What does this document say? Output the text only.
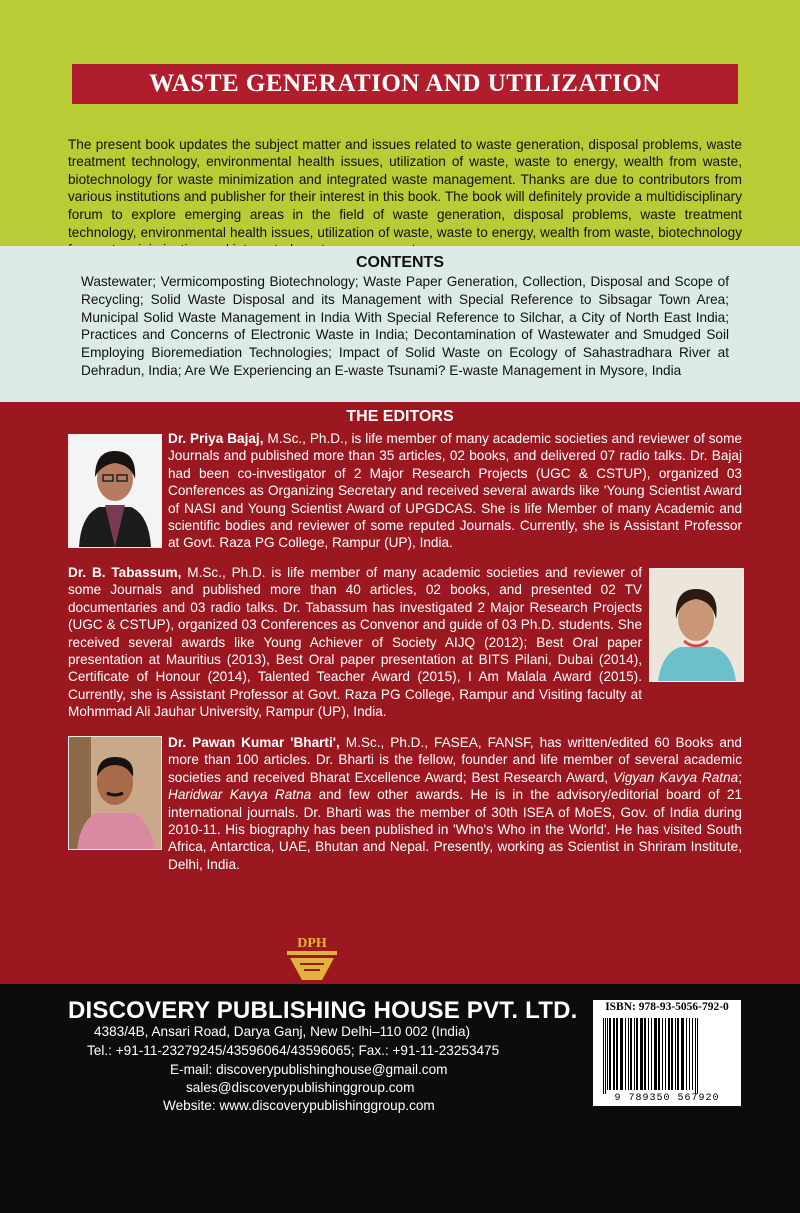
WASTE GENERATION AND UTILIZATION

The present book updates the subject matter and issues related to waste generation, disposal problems, waste treatment technology, environmental health issues, utilization of waste, waste to energy, wealth from waste, biotechnology for waste minimization and integrated waste management. Thanks are due to contributors from various institutions and publisher for their interest in this book. The book will definitely provide a multidisciplinary forum to explore emerging areas in the field of waste generation, disposal problems, waste treatment technology, environmental health issues, utilization of waste, waste to energy, wealth from waste, biotechnology

CONTENTS

Wastewater; Vermicomposting Biotechnology; Waste Paper Generation, Collection, Disposal and Scope of Recycling; Solid Waste Disposal and its Management with Special Reference to Sibsagar Town Area; Municipal Solid Waste Management in India With Special Reference to Silchar, a City of North East India; Practices and Concerns of Electronic Waste in India; Decontamination of Wastewater and Smudged Soil Employing Bioremediation Technologies; Impact of Solid Waste on Ecology of Sahastradhara River at Dehradun, India; Are We Experiencing an E-waste Tsunami? E-waste Management in Mysore, India

THE EDITORS

Dr. Priya Bajaj, M.Sc., Ph.D., is life member of many academic societies and reviewer of some Journals and published more than 35 articles, 02 books, and delivered 07 radio talks. Dr. Bajaj had been co-investigator of 2 Major Research Projects (UGC & CSTUP), organized 03 Conferences as Organizing Secretary and received several awards like 'Young Scientist Award of NASI and Young Scientist Award of UPGDCAS. She is life Member of many Academic and scientific bodies and reviewer of some reputed Journals. Currently, she is Assistant Professor at Govt. Raza PG College, Rampur (UP), India.

Dr. B. Tabassum, M.Sc., Ph.D. is life member of many academic societies and reviewer of some Journals and published more than 40 articles, 02 books, and presented 02 TV documentaries and 03 radio talks. Dr. Tabassum has investigated 2 Major Research Projects (UGC & CSTUP), organized 03 Conferences as Convenor and guide of 03 Ph.D. students. She received several awards like Young Achiever of Society AIJQ (2012); Best Oral paper presentation at Mauritius (2013), Best Oral paper presentation at BITS Pilani, Dubai (2014), Certificate of Honour (2014), Talented Teacher Award (2015), I Am Malala Award (2015). Currently, she is Assistant Professor at Govt. Raza PG College, Rampur and Visiting faculty at Mohmmad Ali Jauhar University, Rampur (UP), India.

Dr. Pawan Kumar 'Bharti', M.Sc., Ph.D., FASEA, FANSF, has written/edited 60 Books and more than 100 articles. Dr. Bharti is the fellow, founder and life member of several academic societies and received Bharat Excellence Award; Best Research Award, Vigyan Kavya Ratna; Haridwar Kavya Ratna and few other awards. He is in the advisory/editorial board of 21 international journals. Dr. Bharti was the member of 30th ISEA of MoES, Gov. of India during 2010-11. His biography has been published in 'Who's Who in the World'. He has visited South Africa, Antarctica, UAE, Bhutan and Nepal. Presently, working as Scientist in Shriram Institute, Delhi, India.

DPH
DISCOVERY PUBLISHING HOUSE PVT. LTD.
4383/4B, Ansari Road, Darya Ganj, New Delhi–110 002 (India)
Tel.: +91-11-23279245/43596064/43596065; Fax.: +91-11-23253475
E-mail: discoverypublishinghouse@gmail.com
sales@discoverypublishinggroup.com
Website: www.discoverypublishinggroup.com
ISBN: 978-93-5056-792-0
9 789350 567920
